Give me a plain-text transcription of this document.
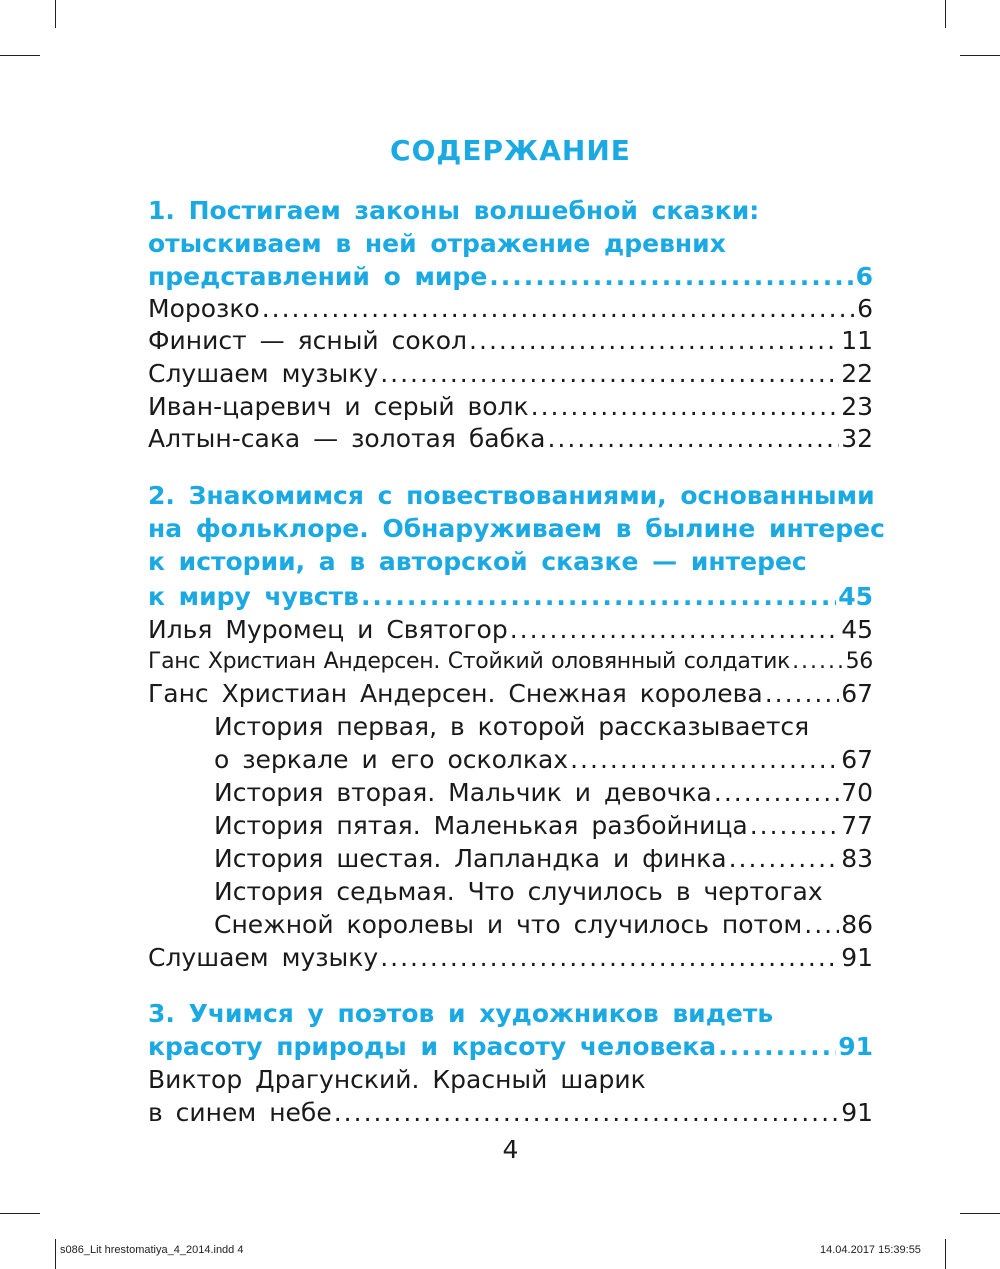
СОДЕРЖАНИЕ
1. Постигаем законы волшебной сказки:
отыскиваем в ней отражение древних
представлений о мире .....	6
Морозко .....	6
Финист — ясный сокол .....	11
Слушаем музыку .....	22
Иван-царевич и серый волк .....	23
Алтын-сака — золотая бабка .....	32
2. Знакомимся с повествованиями, основанными
на фольклоре. Обнаруживаем в былине интерес
к истории, а в авторской сказке — интерес
к миру чувств .....	45
Илья Муромец и Святогор .....	45
Ганс Христиан Андерсен. Стойкий оловянный солдатик .....	56
Ганс Христиан Андерсен. Снежная королева .....	67
История первая, в которой рассказывается
о зеркале и его осколках .....	67
История вторая. Мальчик и девочка .....	70
История пятая. Маленькая разбойница .....	77
История шестая. Лапландка и финка .....	83
История седьмая. Что случилось в чертогах
Снежной королевы и что случилось потом ..... 86
Слушаем музыку .....	91
3. Учимся у поэтов и художников видеть
красоту природы и красоту человека .....	91
Виктор Драгунский. Красный шарик
в синем небе .....	91
4
s086_Lit hrestomatiya_4_2014.indd 4	14.04.2017 15:39:55
